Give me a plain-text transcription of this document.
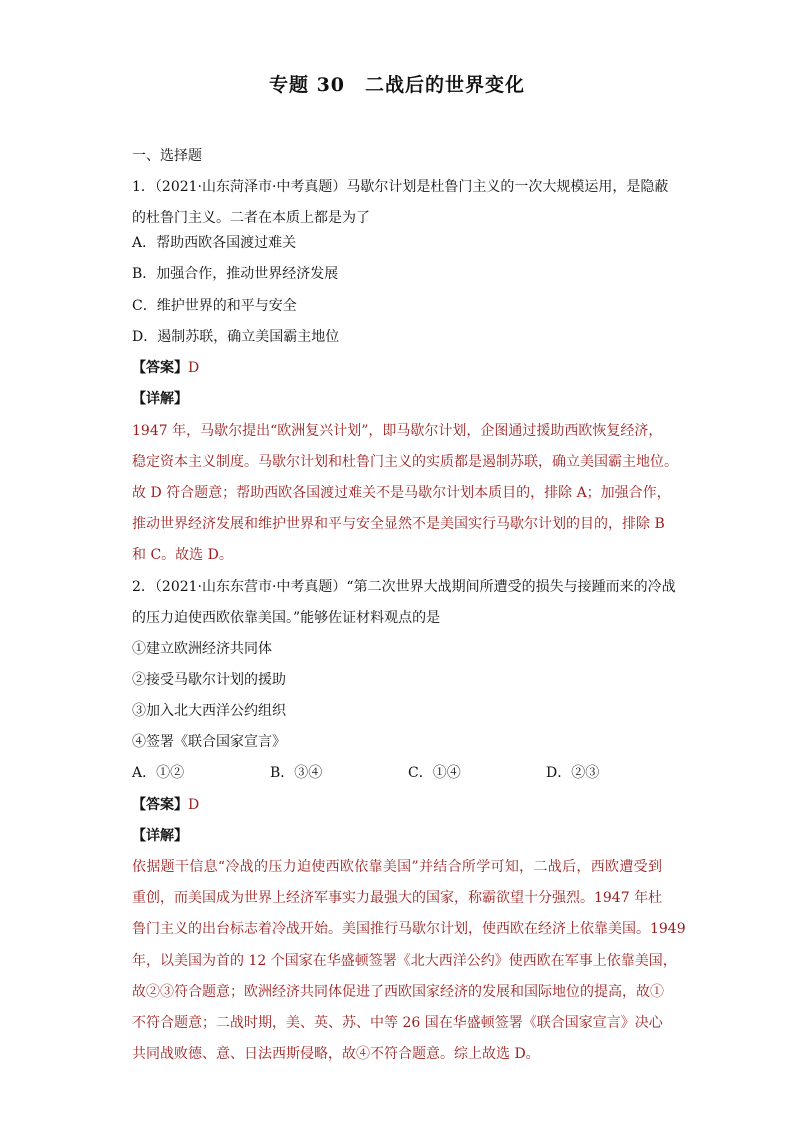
专题 30 二战后的世界变化
一、选择题
1．（2021·山东菏泽市·中考真题）马歇尔计划是杜鲁门主义的一次大规模运用，是隐蔽
的杜鲁门主义。二者在本质上都是为了
A．帮助西欧各国渡过难关
B．加强合作，推动世界经济发展
C．维护世界的和平与安全
D．遏制苏联，确立美国霸主地位
【答案】D
【详解】
1947 年，马歇尔提出“欧洲复兴计划”，即马歇尔计划，企图通过援助西欧恢复经济，
稳定资本主义制度。马歇尔计划和杜鲁门主义的实质都是遏制苏联，确立美国霸主地位。
故 D 符合题意；帮助西欧各国渡过难关不是马歇尔计划本质目的，排除 A；加强合作，
推动世界经济发展和维护世界和平与安全显然不是美国实行马歇尔计划的目的，排除 B
和 C。故选 D。
2．（2021·山东东营市·中考真题）“第二次世界大战期间所遭受的损失与接踵而来的冷战
的压力迫使西欧依靠美国。”能够佐证材料观点的是
①建立欧洲经济共同体
②接受马歇尔计划的援助
③加入北大西洋公约组织
④签署《联合国家宣言》
A．①②	B．③④	C．①④	D．②③
【答案】D
【详解】
依据题干信息“冷战的压力迫使西欧依靠美国”并结合所学可知，二战后，西欧遭受到
重创，而美国成为世界上经济军事实力最强大的国家，称霸欲望十分强烈。1947 年杜
鲁门主义的出台标志着冷战开始。美国推行马歇尔计划，使西欧在经济上依靠美国。1949
年，以美国为首的 12 个国家在华盛顿签署《北大西洋公约》使西欧在军事上依靠美国，
故②③符合题意；欧洲经济共同体促进了西欧国家经济的发展和国际地位的提高，故①
不符合题意；二战时期，美、英、苏、中等 26 国在华盛顿签署《联合国家宣言》决心
共同战败德、意、日法西斯侵略，故④不符合题意。综上故选 D。
